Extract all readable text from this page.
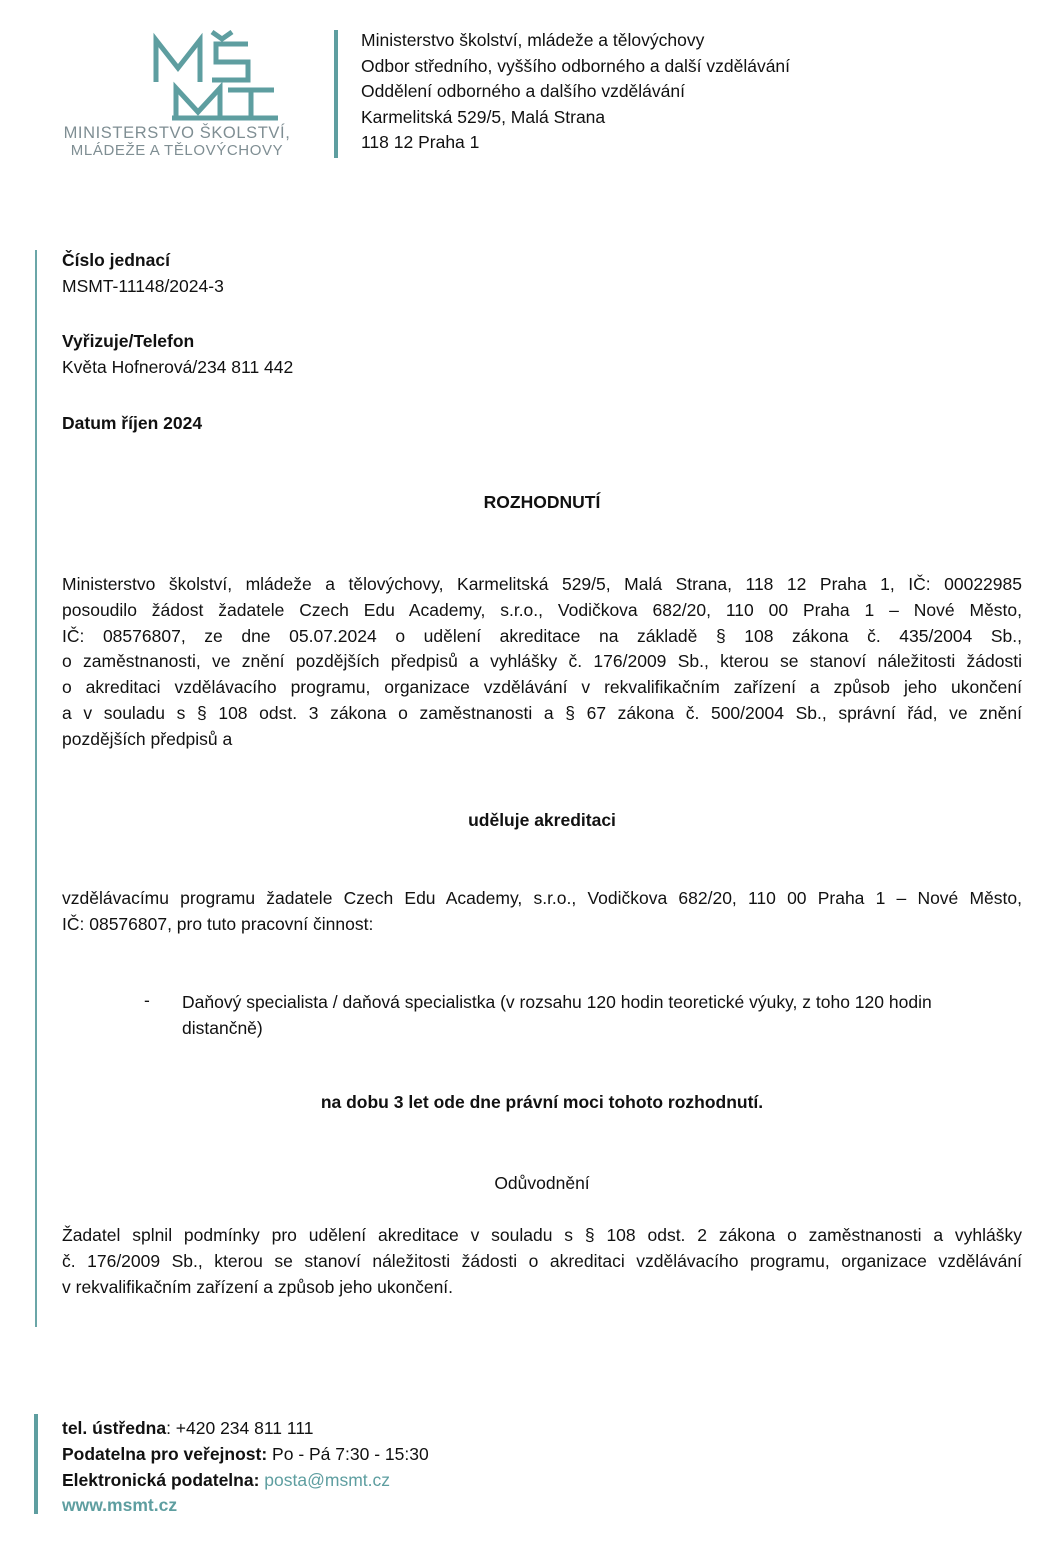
MINISTERSTVO ŠKOLSTVÍ,
MLÁDEŽE A TĚLOVÝCHOVY
Ministerstvo školství, mládeže a tělovýchovy
Odbor středního, vyššího odborného a další vzdělávání
Oddělení odborného a dalšího vzdělávání
Karmelitská 529/5, Malá Strana
118 12 Praha 1
Číslo jednací
MSMT-11148/2024-3
Vyřizuje/Telefon
Květa Hofnerová/234 811 442
Datum říjen 2024
ROZHODNUTÍ
Ministerstvo školství, mládeže a tělovýchovy, Karmelitská 529/5, Malá Strana, 118 12 Praha 1, IČ: 00022985
posoudilo žádost žadatele Czech Edu Academy, s.r.o., Vodičkova 682/20, 110 00 Praha 1 – Nové Město,
IČ: 08576807, ze dne 05.07.2024 o udělení akreditace na základě § 108 zákona č. 435/2004 Sb.,
o zaměstnanosti, ve znění pozdějších předpisů a vyhlášky č. 176/2009 Sb., kterou se stanoví náležitosti žádosti
o akreditaci vzdělávacího programu, organizace vzdělávání v rekvalifikačním zařízení a způsob jeho ukončení
a v souladu s § 108 odst. 3 zákona o zaměstnanosti a § 67 zákona č. 500/2004 Sb., správní řád, ve znění
pozdějších předpisů a
uděluje akreditaci
vzdělávacímu programu žadatele Czech Edu Academy, s.r.o., Vodičkova 682/20, 110 00 Praha 1 – Nové Město,
IČ: 08576807, pro tuto pracovní činnost:
- Daňový specialista / daňová specialistka (v rozsahu 120 hodin teoretické výuky, z toho 120 hodin
distančně)
na dobu 3 let ode dne právní moci tohoto rozhodnutí.
Odůvodnění
Žadatel splnil podmínky pro udělení akreditace v souladu s § 108 odst. 2 zákona o zaměstnanosti a vyhlášky
č. 176/2009 Sb., kterou se stanoví náležitosti žádosti o akreditaci vzdělávacího programu, organizace vzdělávání
v rekvalifikačním zařízení a způsob jeho ukončení.
tel. ústředna: +420 234 811 111
Podatelna pro veřejnost: Po - Pá 7:30 - 15:30
Elektronická podatelna: posta@msmt.cz
www.msmt.cz
